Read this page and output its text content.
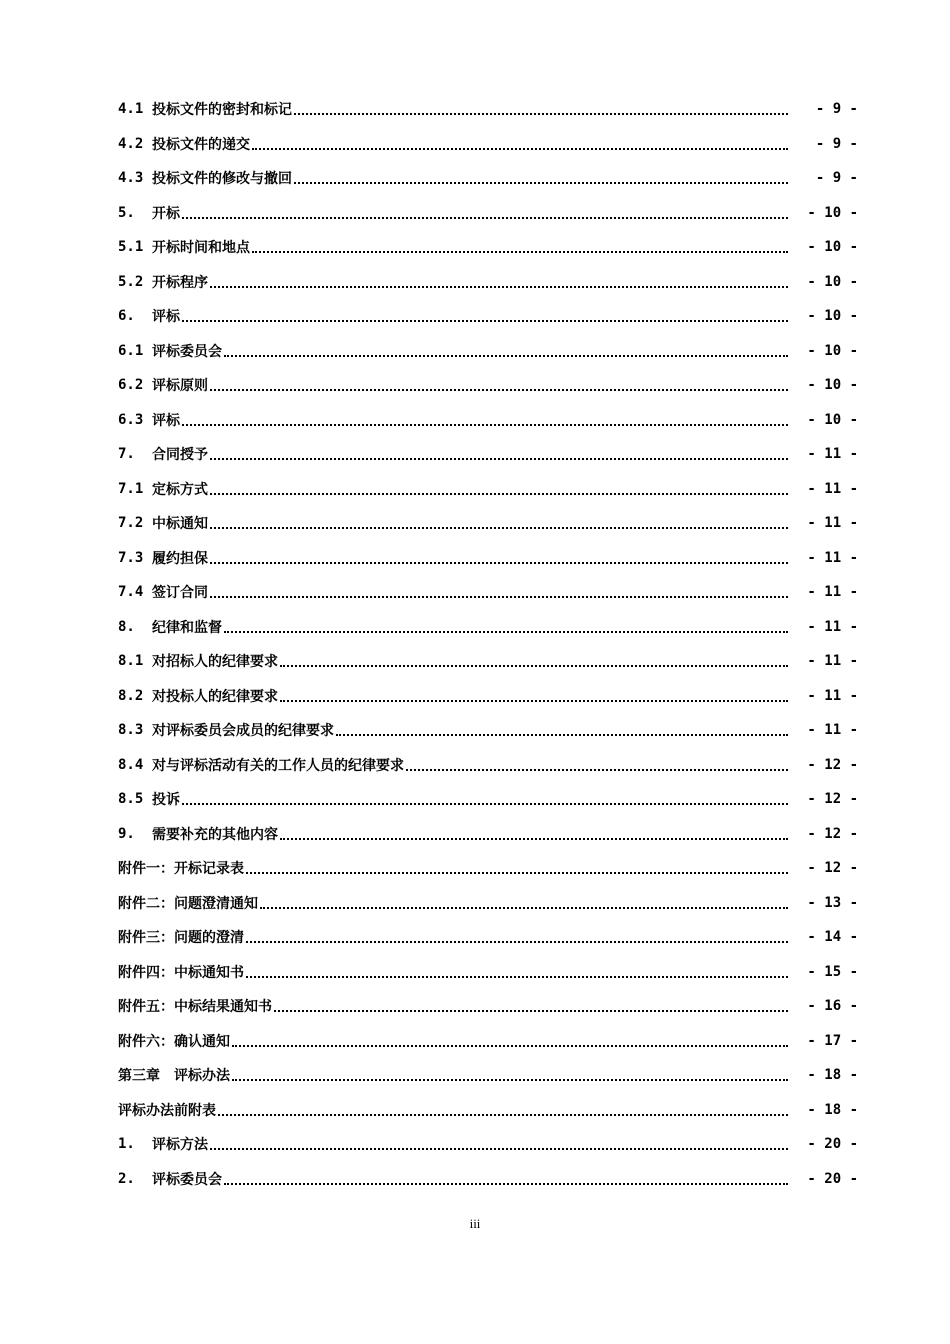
4.1 投标文件的密封和标记	- 9 -
4.2 投标文件的递交	- 9 -
4.3 投标文件的修改与撤回	- 9 -
5.	开标	- 10 -
5.1 开标时间和地点	- 10 -
5.2 开标程序	- 10 -
6.	评标	- 10 -
6.1 评标委员会	- 10 -
6.2 评标原则	- 10 -
6.3 评标	- 10 -
7.	合同授予	- 11 -
7.1 定标方式	- 11 -
7.2 中标通知	- 11 -
7.3 履约担保	- 11 -
7.4 签订合同	- 11 -
8.	纪律和监督	- 11 -
8.1 对招标人的纪律要求	- 11 -
8.2 对投标人的纪律要求	- 11 -
8.3 对评标委员会成员的纪律要求	- 11 -
8.4 对与评标活动有关的工作人员的纪律要求	- 12 -
8.5 投诉	- 12 -
9.	需要补充的其他内容	- 12 -
附件一：开标记录表	- 12 -
附件二：问题澄清通知	- 13 -
附件三：问题的澄清	- 14 -
附件四：中标通知书	- 15 -
附件五：中标结果通知书	- 16 -
附件六：确认通知	- 17 -
第三章　评标办法	- 18 -
评标办法前附表	- 18 -
1.	评标方法	- 20 -
2.	评标委员会	- 20 -
iii
